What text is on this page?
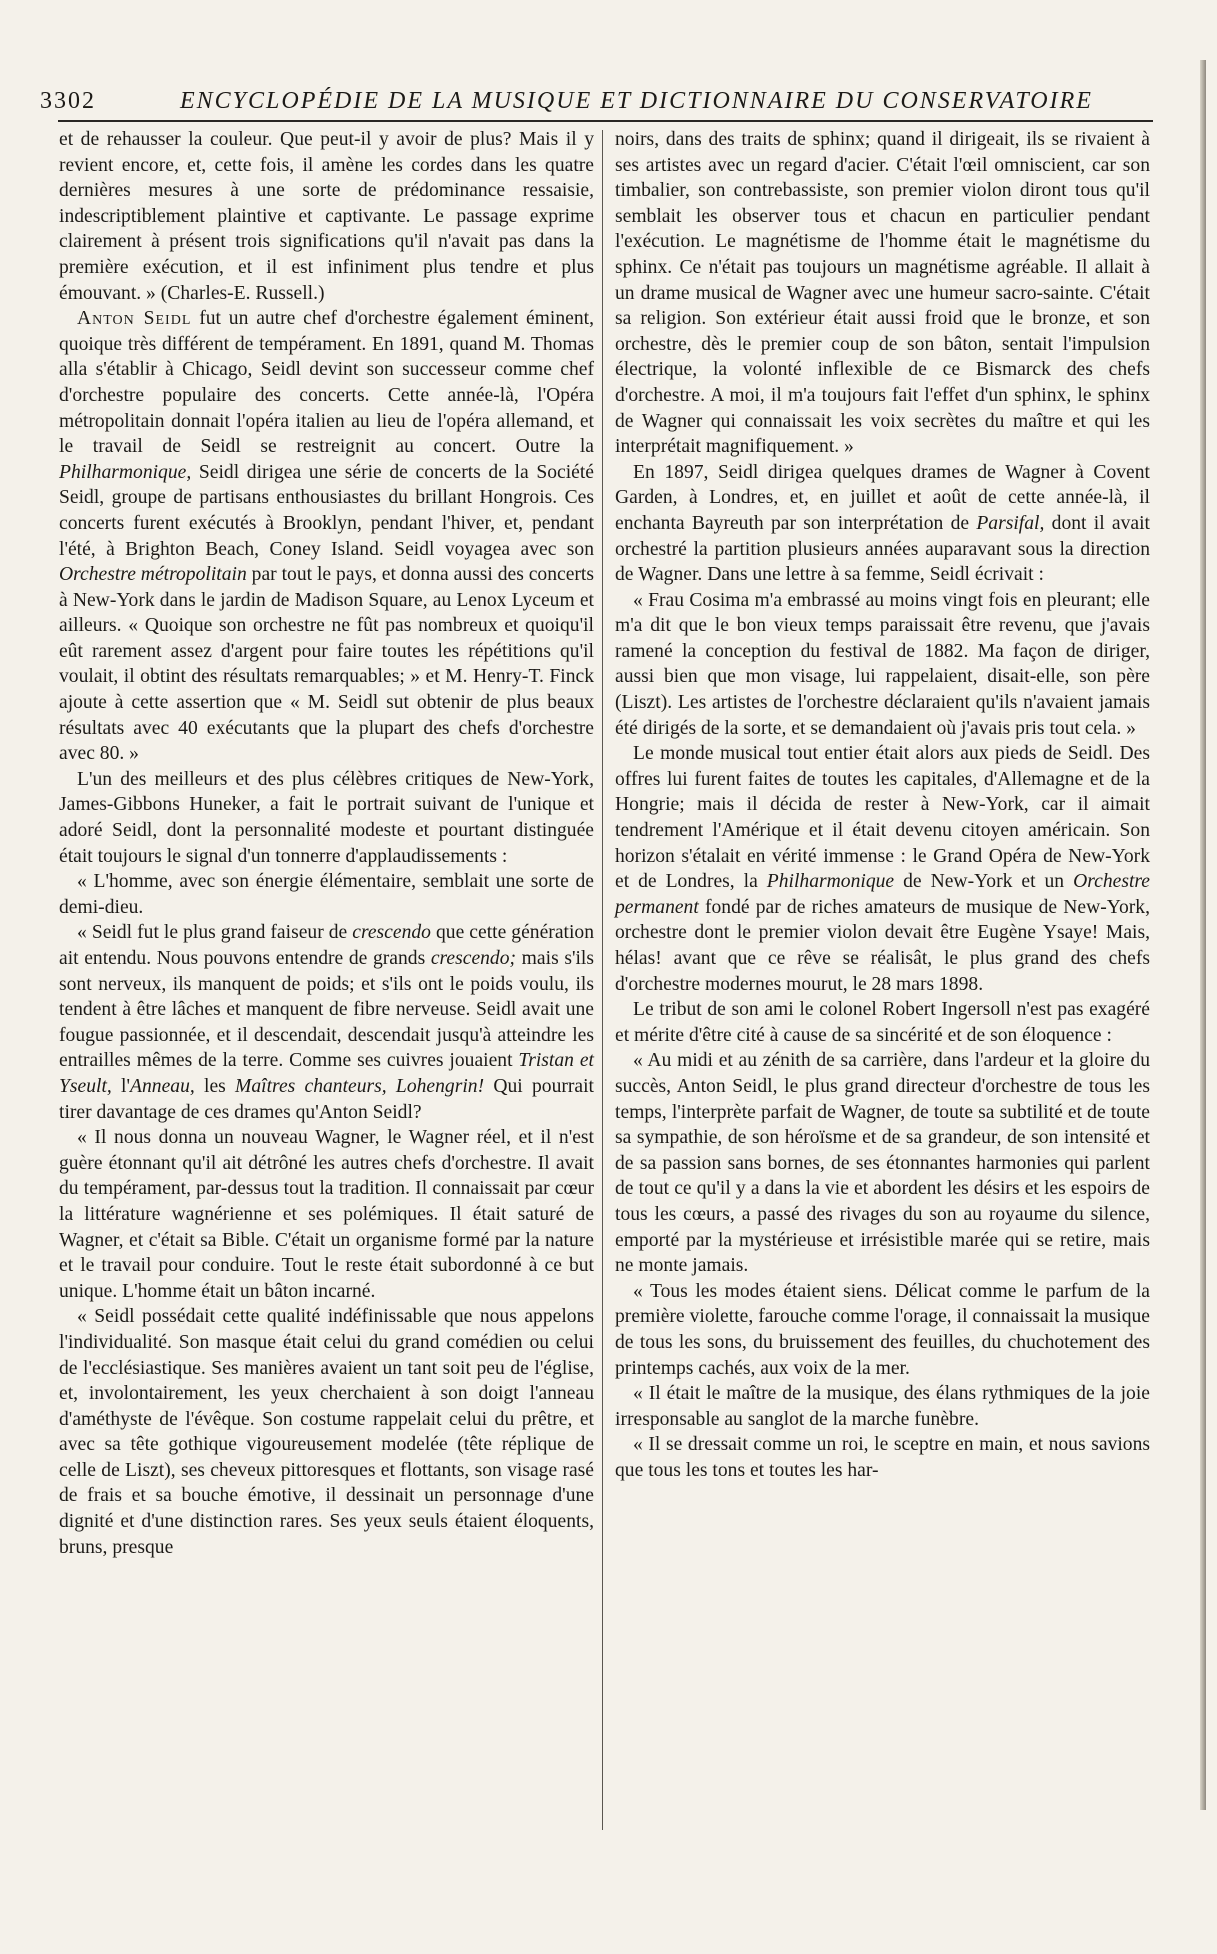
3302	ENCYCLOPÉDIE DE LA MUSIQUE ET DICTIONNAIRE DU CONSERVATOIRE

et de rehausser la couleur. Que peut-il y avoir de plus? Mais il y revient encore, et, cette fois, il amène les cordes dans les quatre dernières mesures à une sorte de prédominance ressaisie, indescriptiblement plaintive et captivante. Le passage exprime clairement à présent trois significations qu'il n'avait pas dans la première exécution, et il est infiniment plus tendre et plus émouvant. » (Charles-E. Russell.)

Anton Seidl fut un autre chef d'orchestre également éminent, quoique très différent de tempérament. En 1891, quand M. Thomas alla s'établir à Chicago, Seidl devint son successeur comme chef d'orchestre populaire des concerts. Cette année-là, l'Opéra métropolitain donnait l'opéra italien au lieu de l'opéra allemand, et le travail de Seidl se restreignit au concert. Outre la Philharmonique, Seidl dirigea une série de concerts de la Société Seidl, groupe de partisans enthousiastes du brillant Hongrois. Ces concerts furent exécutés à Brooklyn, pendant l'hiver, et, pendant l'été, à Brighton Beach, Coney Island. Seidl voyagea avec son Orchestre métropolitain par tout le pays, et donna aussi des concerts à New-York dans le jardin de Madison Square, au Lenox Lyceum et ailleurs. « Quoique son orchestre ne fût pas nombreux et quoiqu'il eût rarement assez d'argent pour faire toutes les répétitions qu'il voulait, il obtint des résultats remarquables; » et M. Henry-T. Finck ajoute à cette assertion que « M. Seidl sut obtenir de plus beaux résultats avec 40 exécutants que la plupart des chefs d'orchestre avec 80. »

L'un des meilleurs et des plus célèbres critiques de New-York, James-Gibbons Huneker, a fait le portrait suivant de l'unique et adoré Seidl, dont la personnalité modeste et pourtant distinguée était toujours le signal d'un tonnerre d'applaudissements :

« L'homme, avec son énergie élémentaire, semblait une sorte de demi-dieu.

« Seidl fut le plus grand faiseur de crescendo que cette génération ait entendu. Nous pouvons entendre de grands crescendo; mais s'ils sont nerveux, ils manquent de poids; et s'ils ont le poids voulu, ils tendent à être lâches et manquent de fibre nerveuse. Seidl avait une fougue passionnée, et il descendait, descendait jusqu'à atteindre les entrailles mêmes de la terre. Comme ses cuivres jouaient Tristan et Yseult, l'Anneau, les Maîtres chanteurs, Lohengrin! Qui pourrait tirer davantage de ces drames qu'Anton Seidl?

« Il nous donna un nouveau Wagner, le Wagner réel, et il n'est guère étonnant qu'il ait détrôné les autres chefs d'orchestre. Il avait du tempérament, par-dessus tout la tradition. Il connaissait par cœur la littérature wagnérienne et ses polémiques. Il était saturé de Wagner, et c'était sa Bible. C'était un organisme formé par la nature et le travail pour conduire. Tout le reste était subordonné à ce but unique. L'homme était un bâton incarné.

« Seidl possédait cette qualité indéfinissable que nous appelons l'individualité. Son masque était celui du grand comédien ou celui de l'ecclésiastique. Ses manières avaient un tant soit peu de l'église, et, involontairement, les yeux cherchaient à son doigt l'anneau d'améthyste de l'évêque. Son costume rappelait celui du prêtre, et avec sa tête gothique vigoureusement modelée (tête réplique de celle de Liszt), ses cheveux pittoresques et flottants, son visage rasé de frais et sa bouche émotive, il dessinait un personnage d'une dignité et d'une distinction rares. Ses yeux seuls étaient éloquents, bruns, presque

noirs, dans des traits de sphinx; quand il dirigeait, ils se rivaient à ses artistes avec un regard d'acier. C'était l'œil omniscient, car son timbalier, son contrebassiste, son premier violon diront tous qu'il semblait les observer tous et chacun en particulier pendant l'exécution. Le magnétisme de l'homme était le magnétisme du sphinx. Ce n'était pas toujours un magnétisme agréable. Il allait à un drame musical de Wagner avec une humeur sacro-sainte. C'était sa religion. Son extérieur était aussi froid que le bronze, et son orchestre, dès le premier coup de son bâton, sentait l'impulsion électrique, la volonté inflexible de ce Bismarck des chefs d'orchestre. A moi, il m'a toujours fait l'effet d'un sphinx, le sphinx de Wagner qui connaissait les voix secrètes du maître et qui les interprétait magnifiquement. »

En 1897, Seidl dirigea quelques drames de Wagner à Covent Garden, à Londres, et, en juillet et août de cette année-là, il enchanta Bayreuth par son interprétation de Parsifal, dont il avait orchestré la partition plusieurs années auparavant sous la direction de Wagner. Dans une lettre à sa femme, Seidl écrivait :

« Frau Cosima m'a embrassé au moins vingt fois en pleurant; elle m'a dit que le bon vieux temps paraissait être revenu, que j'avais ramené la conception du festival de 1882. Ma façon de diriger, aussi bien que mon visage, lui rappelaient, disait-elle, son père (Liszt). Les artistes de l'orchestre déclaraient qu'ils n'avaient jamais été dirigés de la sorte, et se demandaient où j'avais pris tout cela. »

Le monde musical tout entier était alors aux pieds de Seidl. Des offres lui furent faites de toutes les capitales, d'Allemagne et de la Hongrie; mais il décida de rester à New-York, car il aimait tendrement l'Amérique et il était devenu citoyen américain. Son horizon s'étalait en vérité immense : le Grand Opéra de New-York et de Londres, la Philharmonique de New-York et un Orchestre permanent fondé par de riches amateurs de musique de New-York, orchestre dont le premier violon devait être Eugène Ysaye! Mais, hélas! avant que ce rêve se réalisât, le plus grand des chefs d'orchestre modernes mourut, le 28 mars 1898.

Le tribut de son ami le colonel Robert Ingersoll n'est pas exagéré et mérite d'être cité à cause de sa sincérité et de son éloquence :

« Au midi et au zénith de sa carrière, dans l'ardeur et la gloire du succès, Anton Seidl, le plus grand directeur d'orchestre de tous les temps, l'interprète parfait de Wagner, de toute sa subtilité et de toute sa sympathie, de son héroïsme et de sa grandeur, de son intensité et de sa passion sans bornes, de ses étonnantes harmonies qui parlent de tout ce qu'il y a dans la vie et abordent les désirs et les espoirs de tous les cœurs, a passé des rivages du son au royaume du silence, emporté par la mystérieuse et irrésistible marée qui se retire, mais ne monte jamais.

« Tous les modes étaient siens. Délicat comme le parfum de la première violette, farouche comme l'orage, il connaissait la musique de tous les sons, du bruissement des feuilles, du chuchotement des printemps cachés, aux voix de la mer.

« Il était le maître de la musique, des élans rythmiques de la joie irresponsable au sanglot de la marche funèbre.

« Il se dressait comme un roi, le sceptre en main, et nous savions que tous les tons et toutes les har-
